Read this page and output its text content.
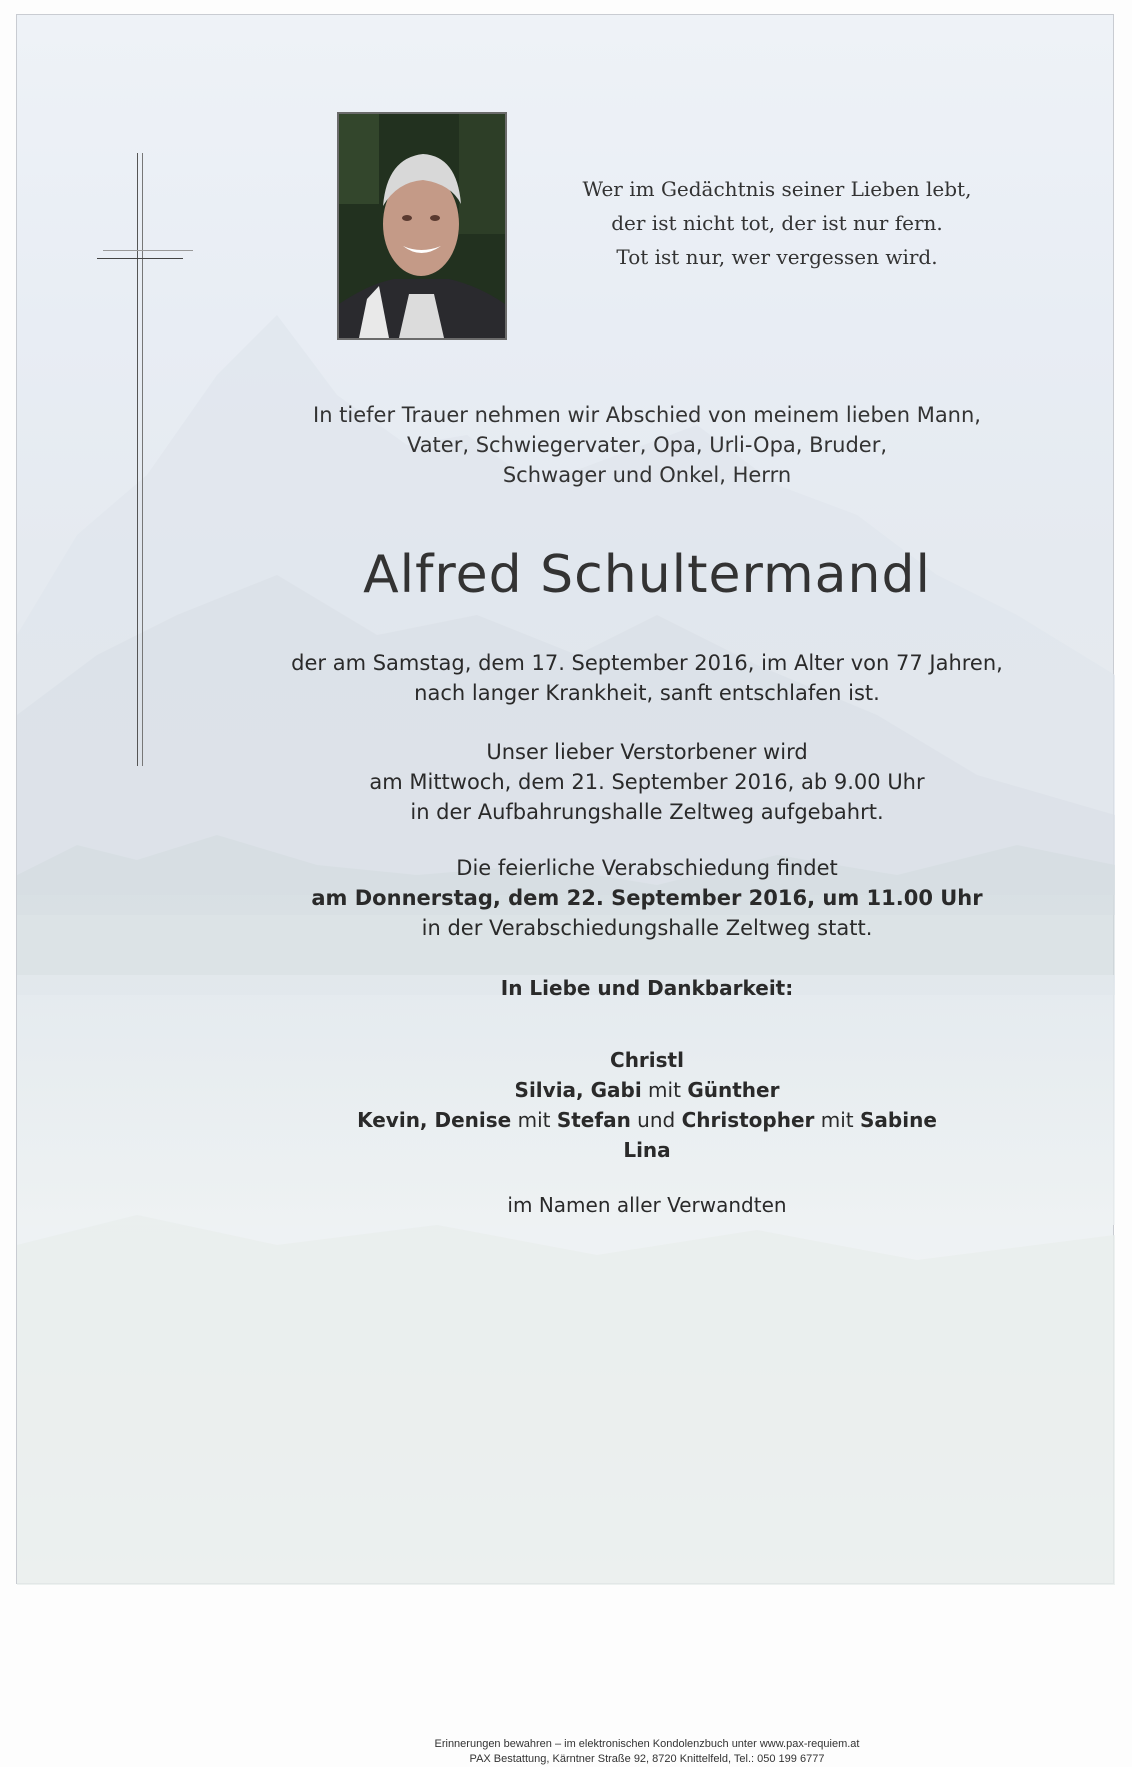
Wer im Gedächtnis seiner Lieben lebt,
der ist nicht tot, der ist nur fern.
Tot ist nur, wer vergessen wird.
In tiefer Trauer nehmen wir Abschied von meinem lieben Mann,
Vater, Schwiegervater, Opa, Urli-Opa, Bruder,
Schwager und Onkel, Herrn
Alfred Schultermandl
der am Samstag, dem 17. September 2016, im Alter von 77 Jahren,
nach langer Krankheit, sanft entschlafen ist.
Unser lieber Verstorbener wird
am Mittwoch, dem 21. September 2016, ab 9.00 Uhr
in der Aufbahrungshalle Zeltweg aufgebahrt.
Die feierliche Verabschiedung findet
am Donnerstag, dem 22. September 2016, um 11.00 Uhr
in der Verabschiedungshalle Zeltweg statt.
In Liebe und Dankbarkeit:
Christl
Silvia, Gabi mit Günther
Kevin, Denise mit Stefan und Christopher mit Sabine
Lina
im Namen aller Verwandten
Erinnerungen bewahren – im elektronischen Kondolenzbuch unter www.pax-requiem.at
PAX Bestattung, Kärntner Straße 92, 8720 Knittelfeld, Tel.: 050 199 6777
